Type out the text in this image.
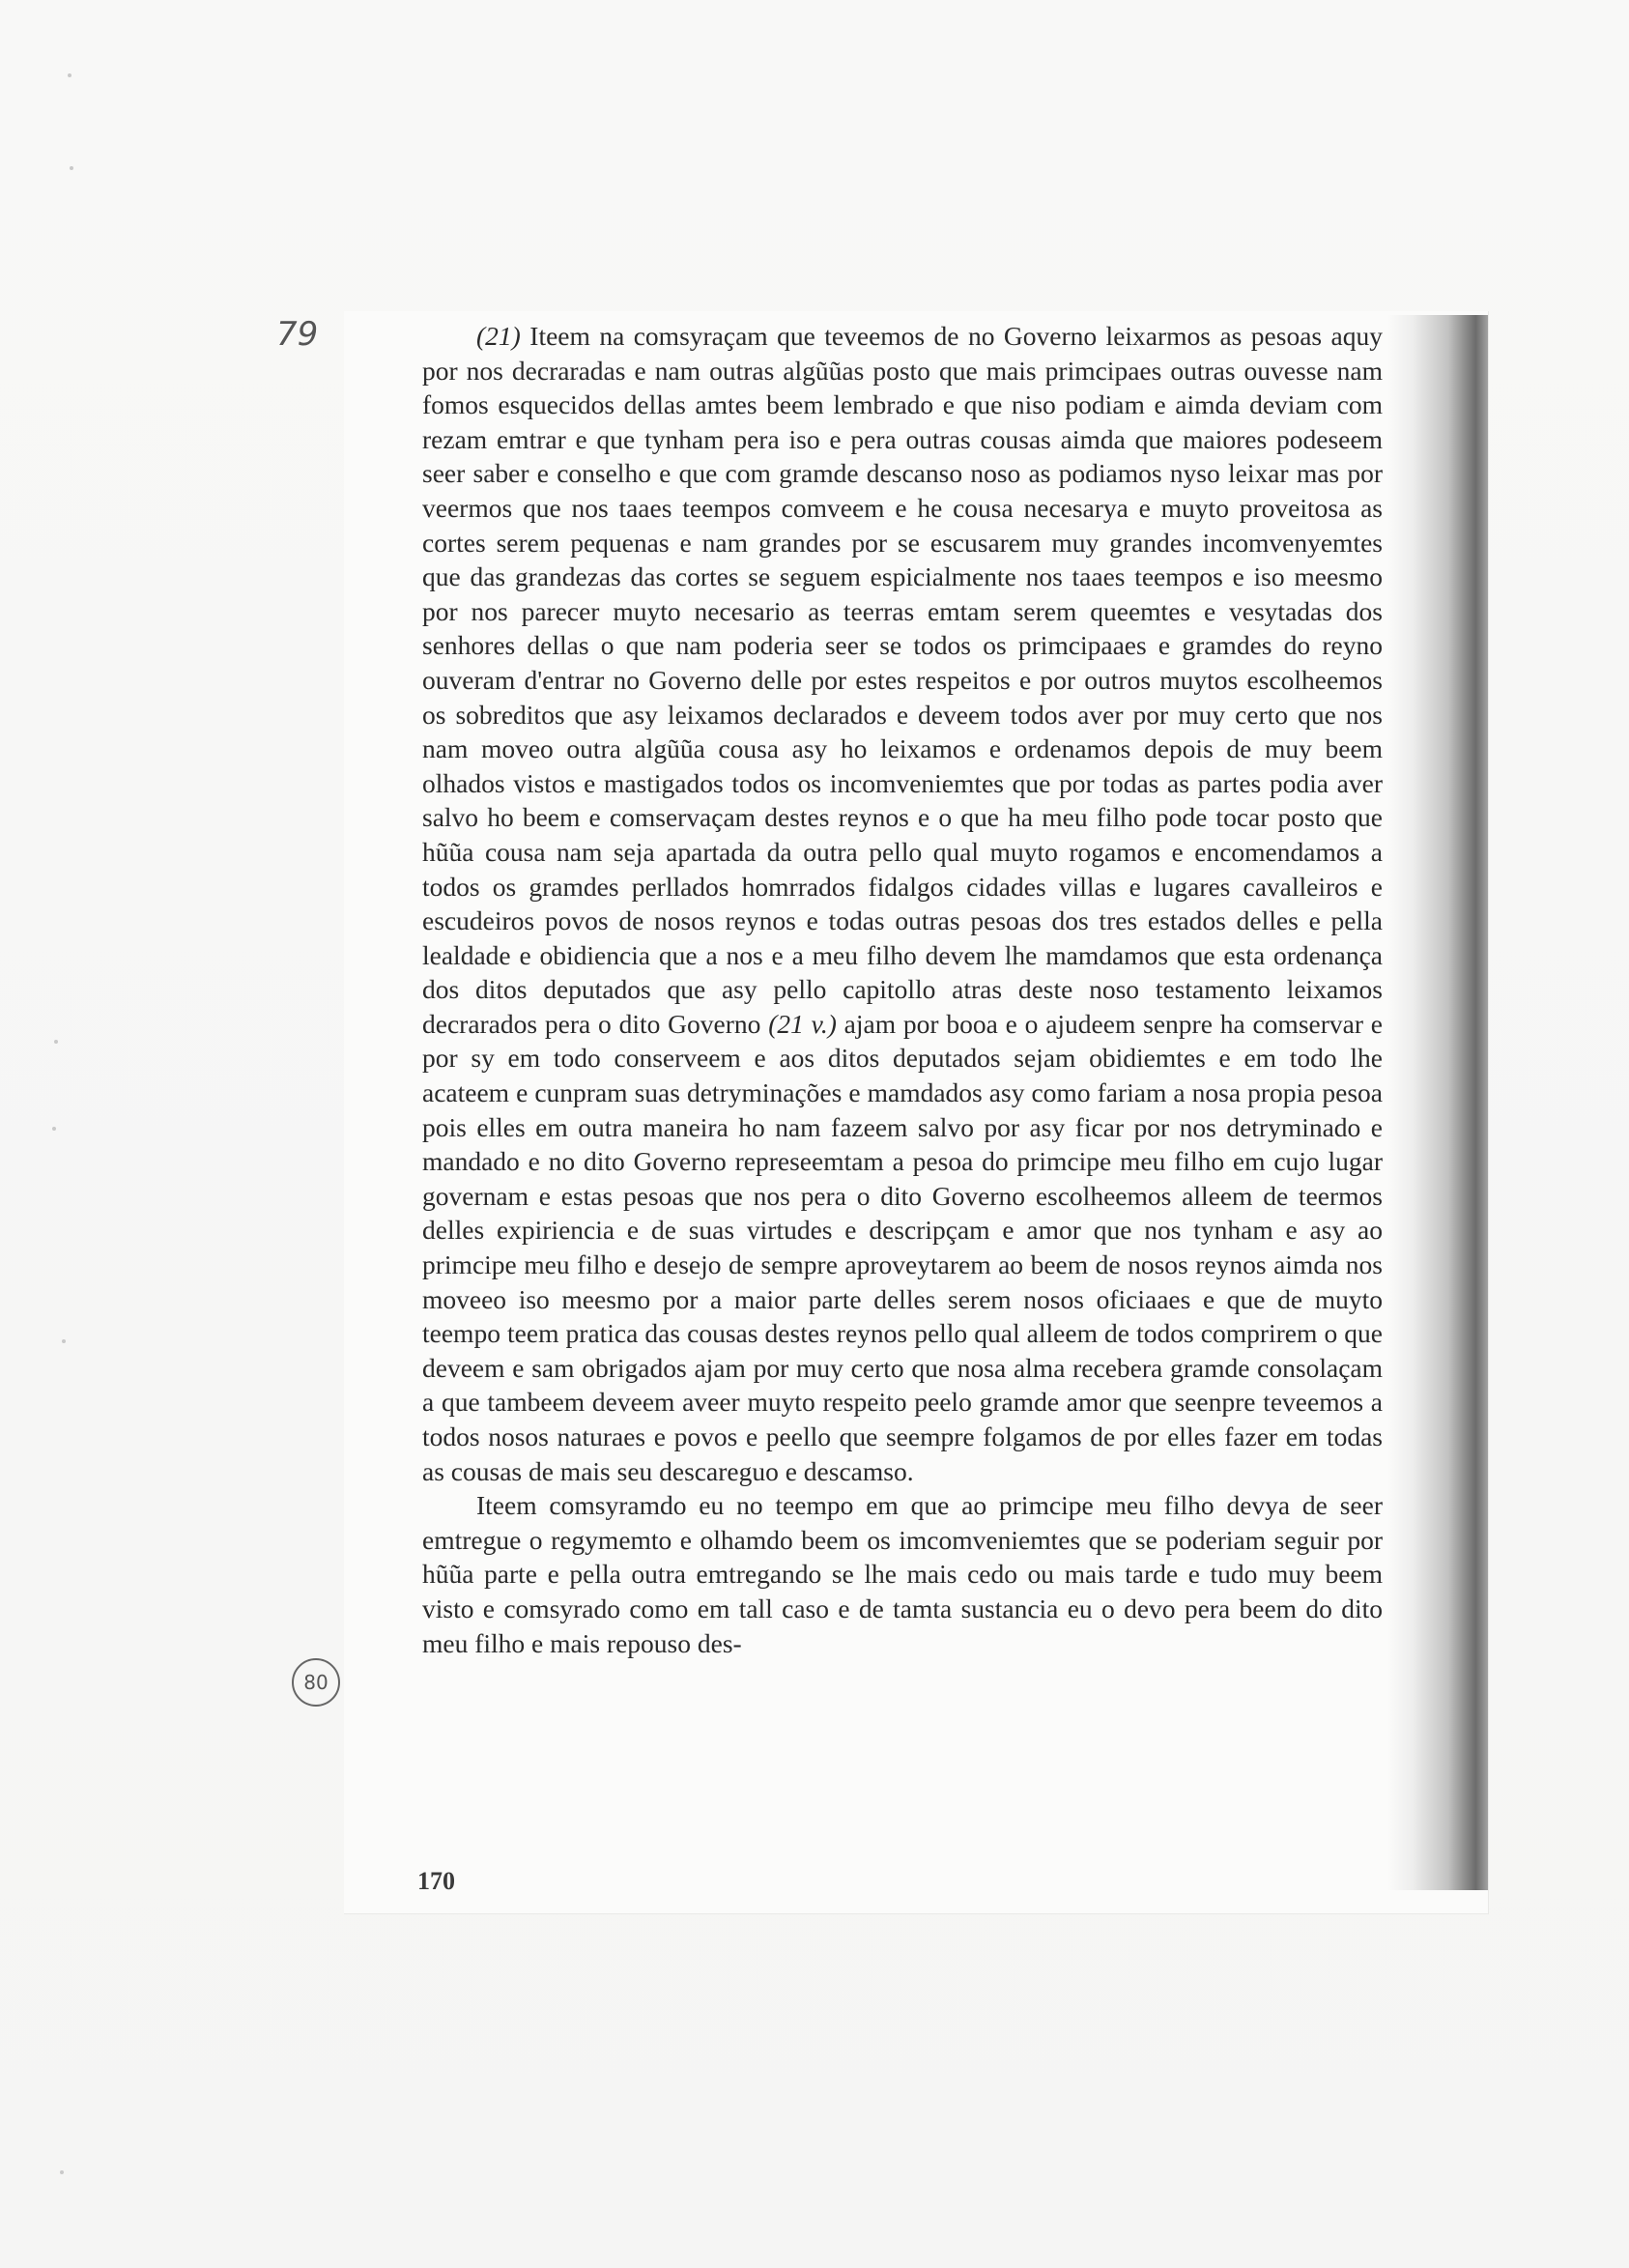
79
80

(21) Iteem na comsyraçam que teveemos de no Governo leixarmos as pesoas aquy por nos decraradas e nam outras algũũas posto que mais primcipaes outras ouvesse nam fomos esquecidos dellas amtes beem lembrado e que niso podiam e aimda deviam com rezam emtrar e que tynham pera iso e pera outras cousas aimda que maiores podeseem seer saber e conselho e que com gramde descanso noso as podiamos nyso leixar mas por veermos que nos taaes teempos comveem e he cousa necesarya e muyto proveitosa as cortes serem pequenas e nam grandes por se escusarem muy grandes incomvenyemtes que das grandezas das cortes se seguem espicialmente nos taaes teempos e iso meesmo por nos parecer muyto necesario as teerras emtam serem queemtes e vesytadas dos senhores dellas o que nam poderia seer se todos os primcipaaes e gramdes do reyno ouveram d'entrar no Governo delle por estes respeitos e por outros muytos escolheemos os sobreditos que asy leixamos declarados e deveem todos aver por muy certo que nos nam moveo outra algũũa cousa asy ho leixamos e ordenamos depois de muy beem olhados vistos e mastigados todos os incomveniemtes que por todas as partes podia aver salvo ho beem e comservaçam destes reynos e o que ha meu filho pode tocar posto que hũũa cousa nam seja apartada da outra pello qual muyto rogamos e encomendamos a todos os gramdes perllados homrrados fidalgos cidades villas e lugares cavalleiros e escudeiros povos de nosos reynos e todas outras pesoas dos tres estados delles e pella lealdade e obidiencia que a nos e a meu filho devem lhe mamdamos que esta ordenança dos ditos deputados que asy pello capitollo atras deste noso testamento leixamos decrarados pera o dito Governo (21 v.) ajam por booa e o ajudeem senpre ha comservar e por sy em todo conserveem e aos ditos deputados sejam obidiemtes e em todo lhe acateem e cunpram suas detryminações e mamdados asy como fariam a nosa propia pesoa pois elles em outra maneira ho nam fazeem salvo por asy ficar por nos detryminado e mandado e no dito Governo represeemtam a pesoa do primcipe meu filho em cujo lugar governam e estas pesoas que nos pera o dito Governo escolheemos alleem de teermos delles expiriencia e de suas virtudes e descripçam e amor que nos tynham e asy ao primcipe meu filho e desejo de sempre aproveytarem ao beem de nosos reynos aimda nos moveeo iso meesmo por a maior parte delles serem nosos oficiaaes e que de muyto teempo teem pratica das cousas destes reynos pello qual alleem de todos comprirem o que deveem e sam obrigados ajam por muy certo que nosa alma recebera gramde consolaçam a que tambeem deveem aveer muyto respeito peelo gramde amor que seenpre teveemos a todos nosos naturaes e povos e peello que seempre folgamos de por elles fazer em todas as cousas de mais seu descareguo e descamso.

Iteem comsyramdo eu no teempo em que ao primcipe meu filho devya de seer emtregue o regymemto e olhamdo beem os imcomveniemtes que se poderiam seguir por hũũa parte e pella outra emtregando se lhe mais cedo ou mais tarde e tudo muy beem visto e comsyrado como em tall caso e de tamta sustancia eu o devo pera beem do dito meu filho e mais repouso des-

170
